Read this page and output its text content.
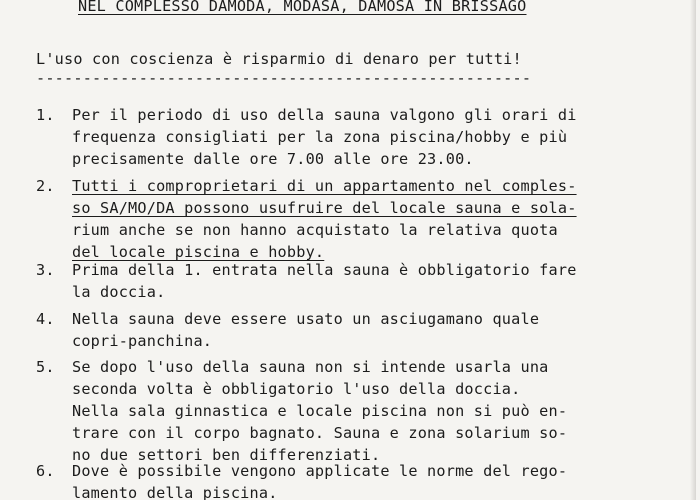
NEL COMPLESSO DAMODA, MODASA, DAMOSA IN BRISSAGO
L'uso con coscienza è risparmio di denaro per tutti!
-----------------------------------------------------
1. Per il periodo di uso della sauna valgono gli orari di
frequenza consigliati per la zona piscina/hobby e più
precisamente dalle ore 7.00 alle ore 23.00.
2. Tutti i comproprietari di un appartamento nel comples-
so SA/MO/DA possono usufruire del locale sauna e sola-
rium anche se non hanno acquistato la relativa quota
del locale piscina e hobby.
3. Prima della 1. entrata nella sauna è obbligatorio fare
la doccia.
4. Nella sauna deve essere usato un asciugamano quale
copri-panchina.
5. Se dopo l'uso della sauna non si intende usarla una
seconda volta è obbligatorio l'uso della doccia.
Nella sala ginnastica e locale piscina non si può en-
trare con il corpo bagnato. Sauna e zona solarium so-
no due settori ben differenziati.
6. Dove è possibile vengono applicate le norme del rego-
lamento della piscina.
